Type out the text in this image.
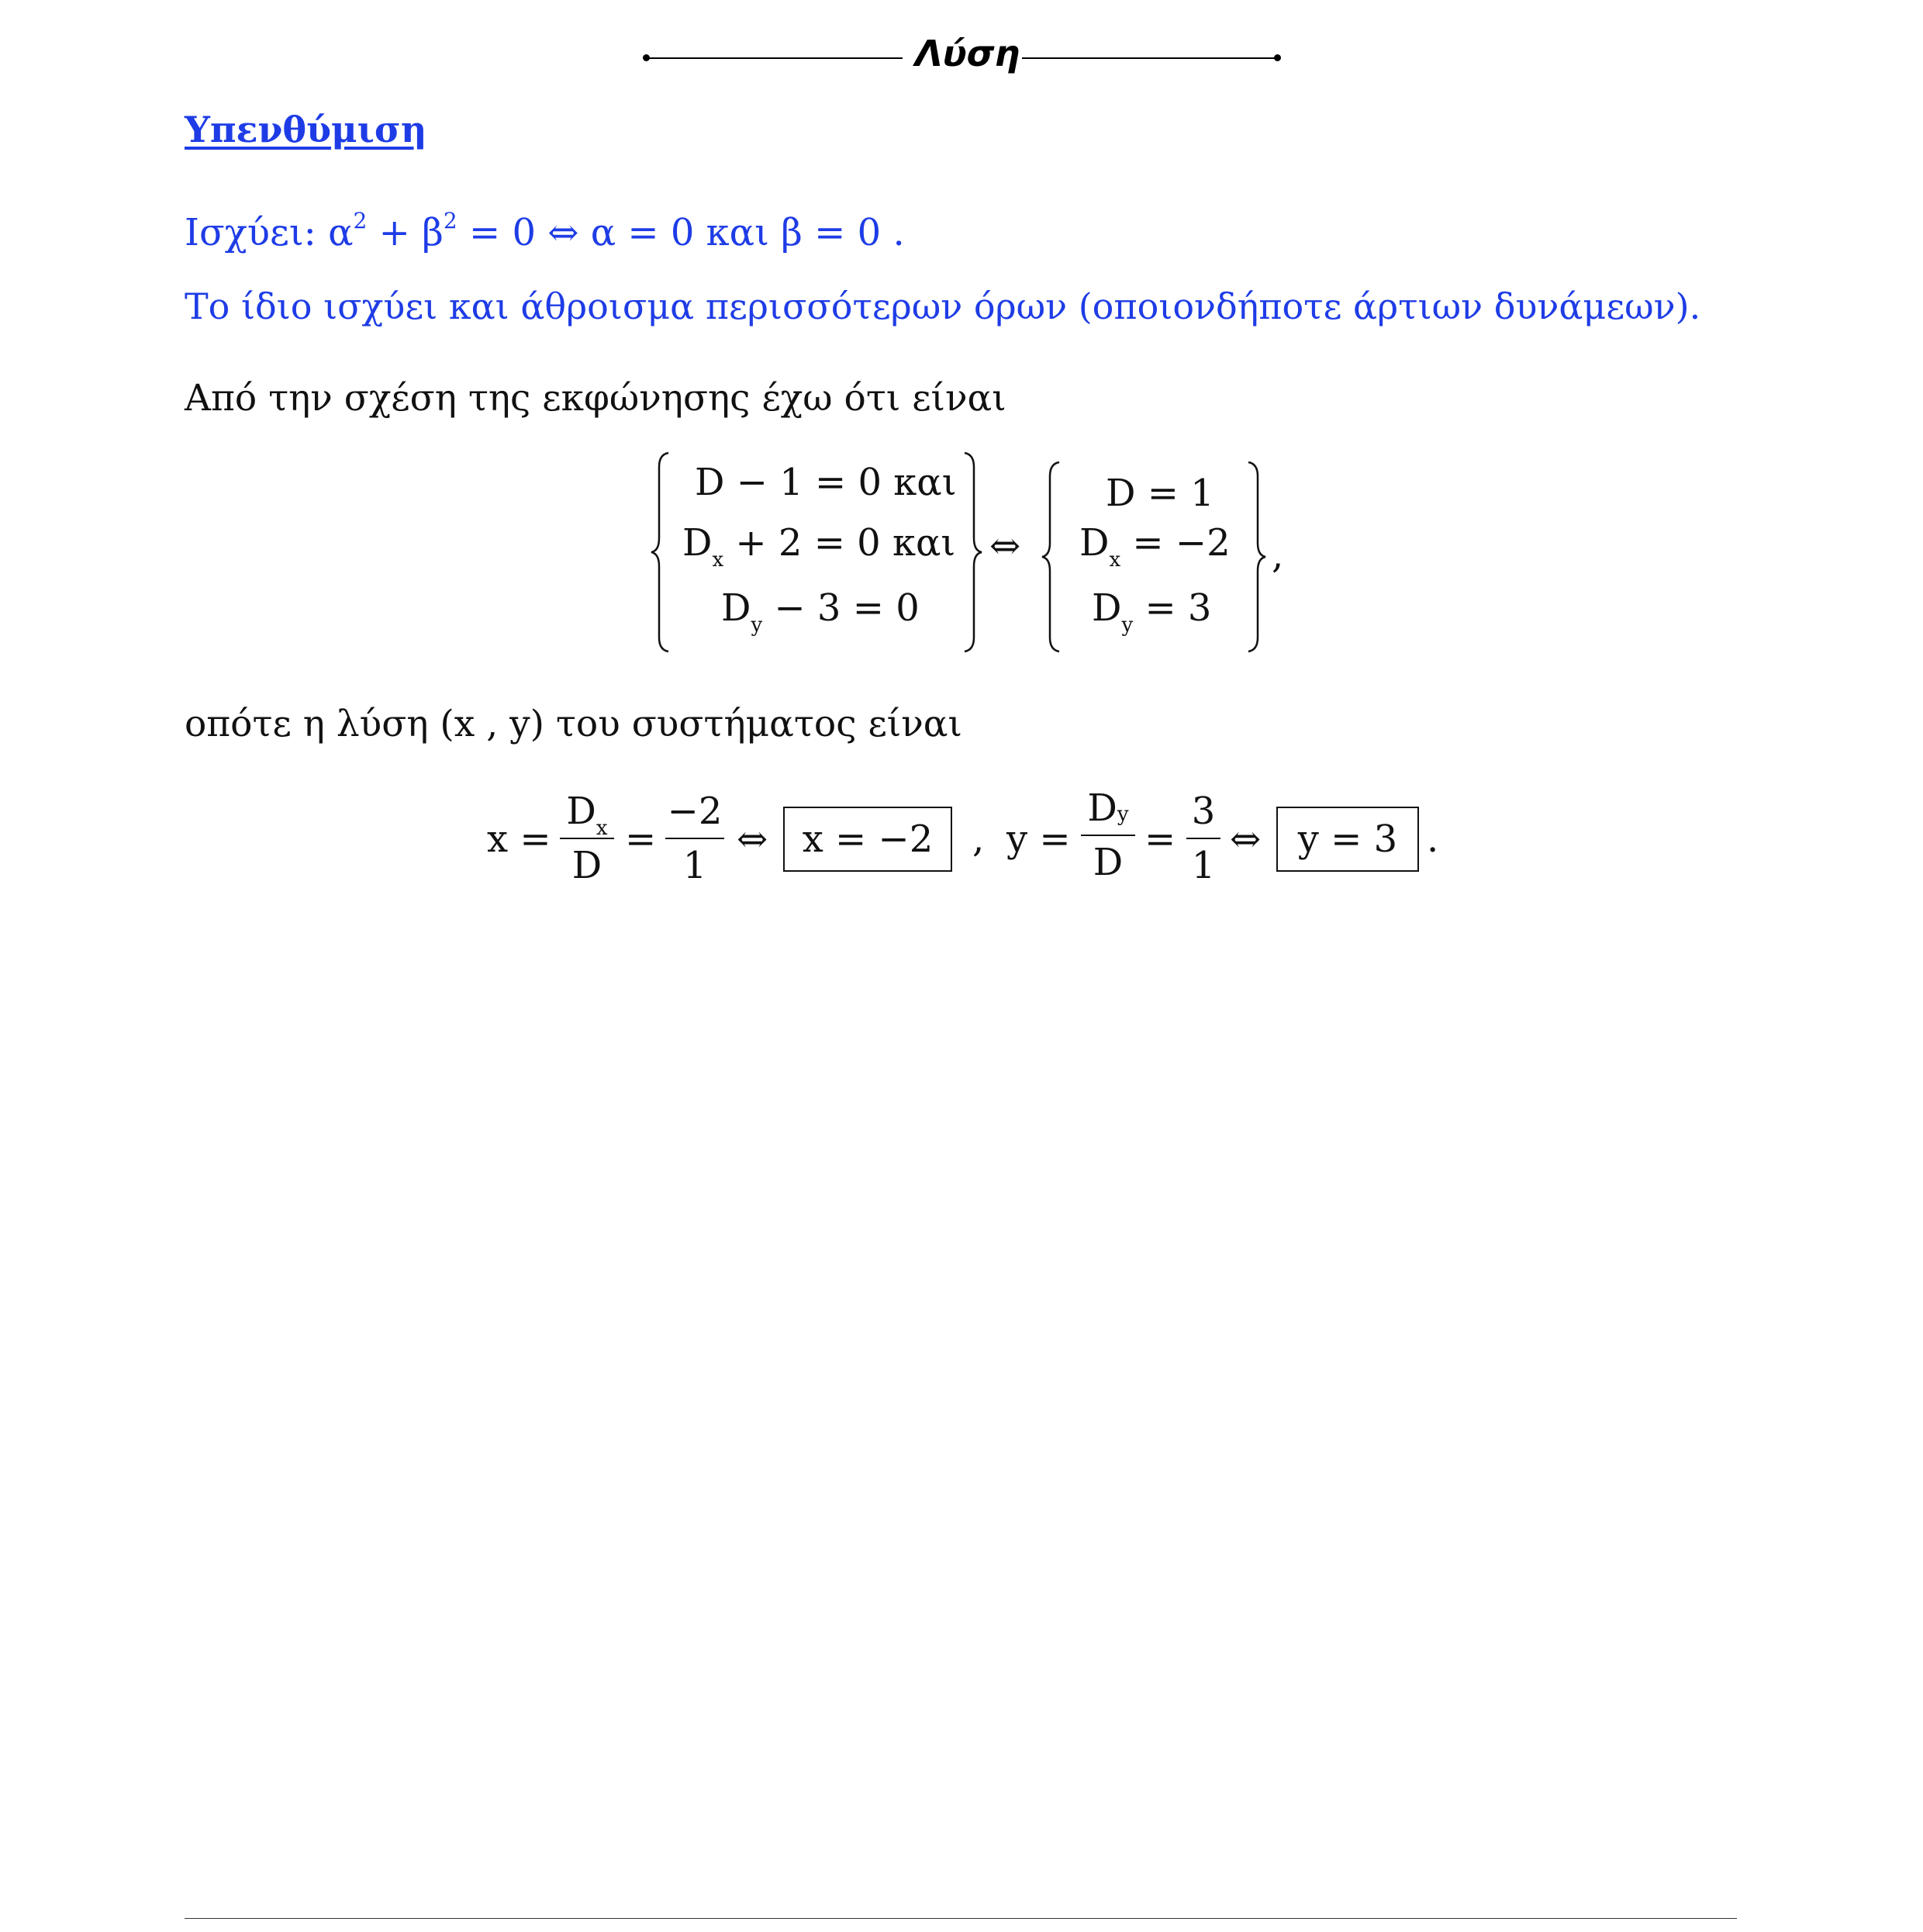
Λύση
Υπενθύμιση
Ισχύει: $\alpha^2 + \beta^2 = 0$ ⇔ α = 0 και β = 0 .
Το ίδιο ισχύει και άθροισμα περισσότερων όρων (οποιονδήποτε άρτιων δυνάμεων).
Από την σχέση της εκφώνησης έχω ότι είναι
D − 1 = 0 και
$D_x + 2 = 0$ και
$D_y - 3 = 0$
⇔
D = 1
$D_x = -2$
$D_y = 3$
,
οπότε η λύση (x , y) του συστήματος είναι
x =
$D_x$
D
=
−2
1
⇔ x = −2	, y =
Dy
D
=
3
1
⇔ y = 3 .
